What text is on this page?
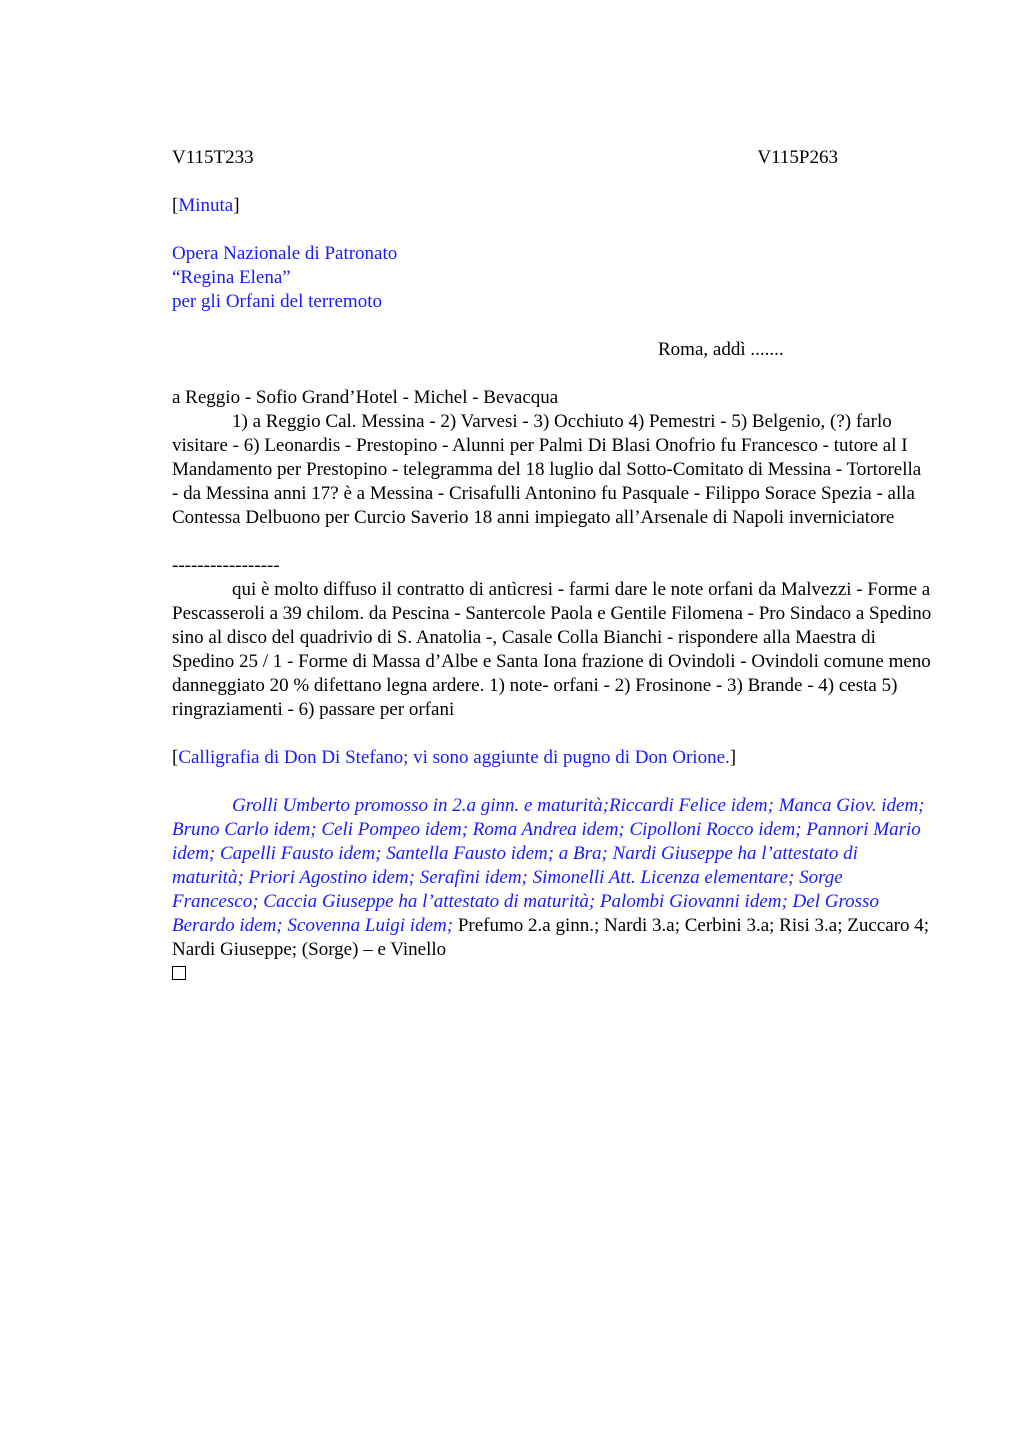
V115T233	V115P263

[Minuta]

Opera Nazionale di Patronato

“Regina Elena”

per gli Orfani del terremoto

Roma, addì .......

a Reggio - Sofio Grand’Hotel - Michel - Bevacqua

1) a Reggio Cal. Messina - 2) Varvesi - 3) Occhiuto 4) Pemestri - 5) Belgenio, (?) farlo visitare - 6) Leonardis - Prestopino - Alunni per Palmi Di Blasi Onofrio fu Francesco - tutore al I Mandamento per Prestopino - telegramma del 18 luglio dal Sotto-Comitato di Messina - Tortorella - da Messina anni 17? è a Messina - Crisafulli Antonino fu Pasquale - Filippo Sorace Spezia - alla Contessa Delbuono per Curcio Saverio 18 anni impiegato all’Arsenale di Napoli inverniciatore

-----------------

qui è molto diffuso il contratto di antìcresi - farmi dare le note orfani da Malvezzi - Forme a Pescasseroli a 39 chilom. da Pescina - Santercole Paola e Gentile Filomena - Pro Sindaco a Spedino sino al disco del quadrivio di S. Anatolia -, Casale Colla Bianchi - rispondere alla Maestra di Spedino 25 / 1 - Forme di Massa d’Albe e Santa Iona frazione di Ovindoli - Ovindoli comune meno danneggiato 20 % difettano legna ardere. 1) note- orfani - 2) Frosinone - 3) Brande - 4) cesta 5) ringraziamenti - 6) passare per orfani

[Calligrafia di Don Di Stefano; vi sono aggiunte di pugno di Don Orione.]

Grolli Umberto promosso in 2.a ginn. e maturità;Riccardi Felice idem; Manca Giov. idem; Bruno Carlo idem; Celi Pompeo idem; Roma Andrea idem; Cipolloni Rocco idem; Pannori Mario idem; Capelli Fausto idem; Santella Fausto idem; a Bra; Nardi Giuseppe ha l’attestato di maturità; Priori Agostino idem; Serafini idem; Simonelli Att. Licenza elementare; Sorge Francesco; Caccia Giuseppe ha l’attestato di maturità; Palombi Giovanni idem; Del Grosso Berardo idem; Scovenna Luigi idem; Prefumo 2.a ginn.; Nardi 3.a; Cerbini 3.a; Risi 3.a; Zuccaro 4; Nardi Giuseppe; (Sorge) – e Vinello
